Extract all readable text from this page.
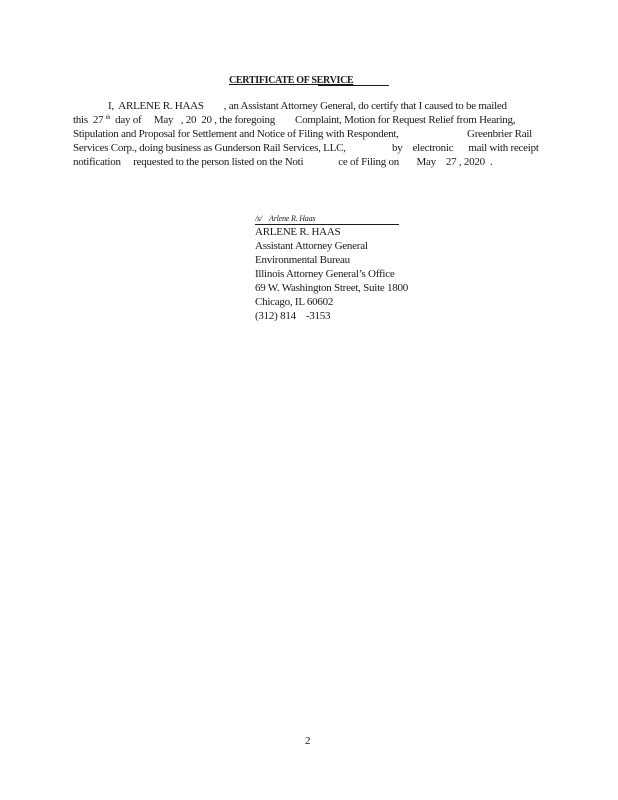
CERTIFICATE OF SERVICE
I,  ARLENE R. HAAS        , an Assistant Attorney General, do certify that I caused to be mailed
this  27 $^{th}$  day of     May   , 20  20 , the foregoing        Complaint, Motion for Request Relief from Hearing,
Stipulation and Proposal for Settlement and Notice of Filing with Respondent,	Greenbrier Rail
Services Corp., doing business as Gunderson Rail Services, LLC,	by    electronic      mail with receipt
notification     requested to the person listed on the Noti              ce of Filing on       May    27 , 2020  .
/s/    Arlene R. Haas
ARLENE R. HAAS
Assistant Attorney General
Environmental Bureau
Illinois Attorney General’s Office
69 W. Washington Street, Suite 1800
Chicago, IL 60602
(312) 814    -3153
2
